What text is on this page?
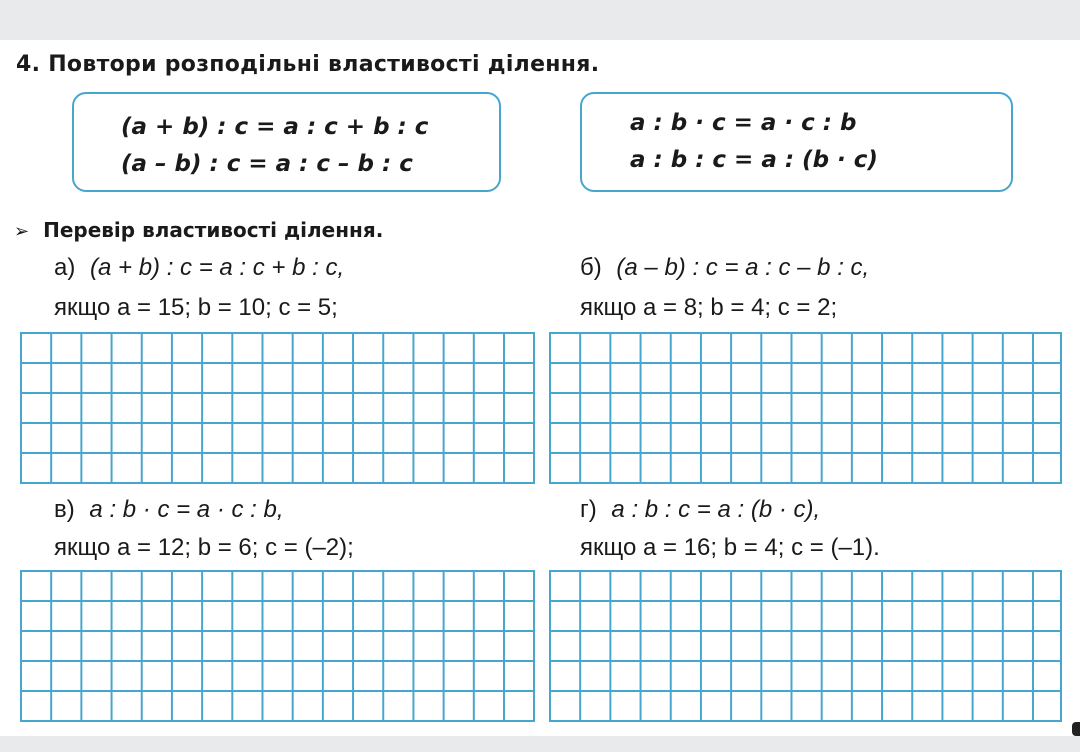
4. Повтори розподільні властивості ділення.
(a + b) : c = a : c + b : c
(a – b) : c = a : c – b : c
a : b · c = a · c : b
a : b : c = a : (b · c)
➢ Перевір властивості ділення.
а) (a + b) : c = a : c + b : c,
якщо a = 15; b = 10; c = 5;
б) (a – b) : c = a : c – b : c,
якщо a = 8; b = 4; c = 2;
в) a : b · c = a · c : b,
якщо a = 12; b = 6; c = (–2);
г) a : b : c = a : (b · c),
якщо a = 16; b = 4; c = (–1).
